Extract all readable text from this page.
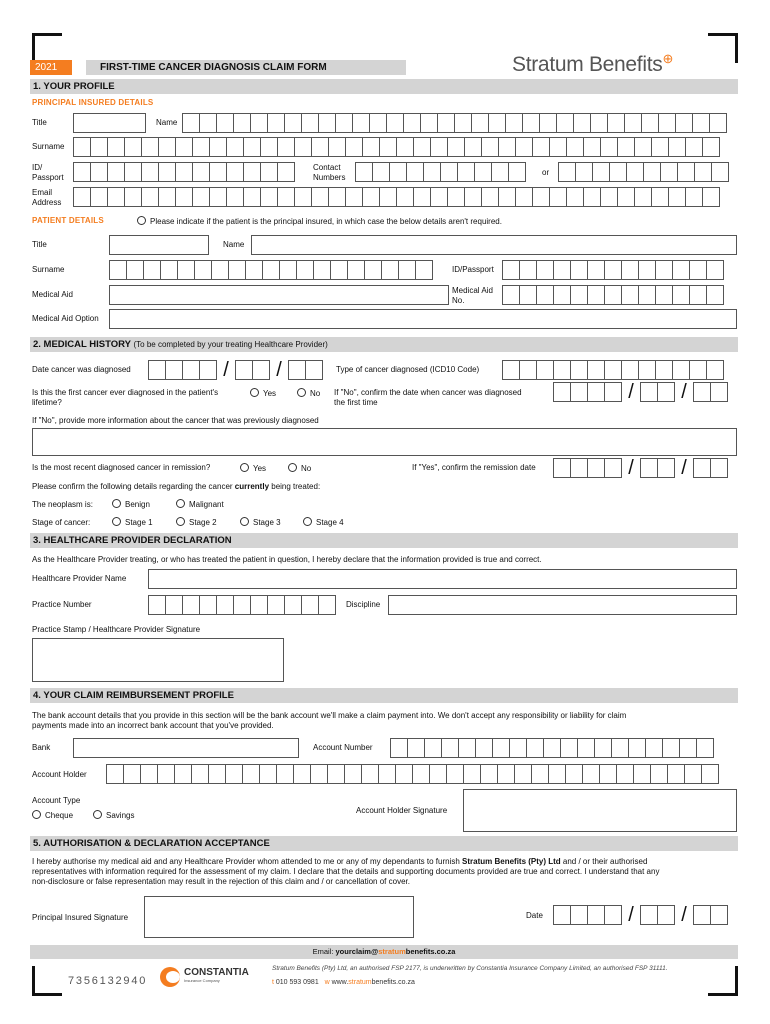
2021	FIRST-TIME CANCER DIAGNOSIS CLAIM FORM	Stratum Benefits⊕
1. YOUR PROFILE
PRINCIPAL INSURED DETAILS
Title	Name
Surname
ID/
Passport
Contact
Numbers
or
Email
Address
PATIENT DETAILS	Please indicate if the patient is the principal insured, in which case the below details aren't required.
Title	Name
Surname	ID/Passport
Medical Aid	Medical Aid
No.
Medical Aid Option
2. MEDICAL HISTORY (To be completed by your treating Healthcare Provider)
Date cancer was diagnosed	/	/	Type of cancer diagnosed (ICD10 Code)
Is this the first cancer ever diagnosed in the patient's
lifetime?
Yes	No If "No", confirm the date when cancer was diagnosed
the first time	/	/
If "No", provide more information about the cancer that was previously diagnosed
Is the most recent diagnosed cancer in remission?	Yes	No	If "Yes", confirm the remission date	/	/
Please confirm the following details regarding the cancer currently being treated:
The neoplasm is:	Benign	Malignant
Stage of cancer:	Stage 1	Stage 2	Stage 3	Stage 4
3. HEALTHCARE PROVIDER DECLARATION
As the Healthcare Provider treating, or who has treated the patient in question, I hereby declare that the information provided is true and correct.
Healthcare Provider Name
Practice Number	Discipline
Practice Stamp / Healthcare Provider Signature
4. YOUR CLAIM REIMBURSEMENT PROFILE
The bank account details that you provide in this section will be the bank account we'll make a claim payment into. We don't accept any responsibility or liability for claim
payments made into an incorrect bank account that you've provided.
Bank	Account Number
Account Holder
Account Type
Cheque	Savings
Account Holder Signature
5. AUTHORISATION & DECLARATION ACCEPTANCE
I hereby authorise my medical aid and any Healthcare Provider whom attended to me or any of my dependants to furnish Stratum Benefits (Pty) Ltd and / or their authorised
representatives with information required for the assessment of my claim. I declare that the details and supporting documents provided are true and correct. I understand that any
non-disclosure or false representation may result in the rejection of this claim and / or cancellation of cover.
Principal Insured Signature	Date	/	/
Email: yourclaim@stratumbenefits.co.za
7356132940
CONSTANTIA
Insurance Company
Stratum Benefits (Pty) Ltd, an authorised FSP 2177, is underwritten by Constantia Insurance Company Limited, an authorised FSP 31111.
t 010 593 0981 w www.stratumbenefits.co.za
